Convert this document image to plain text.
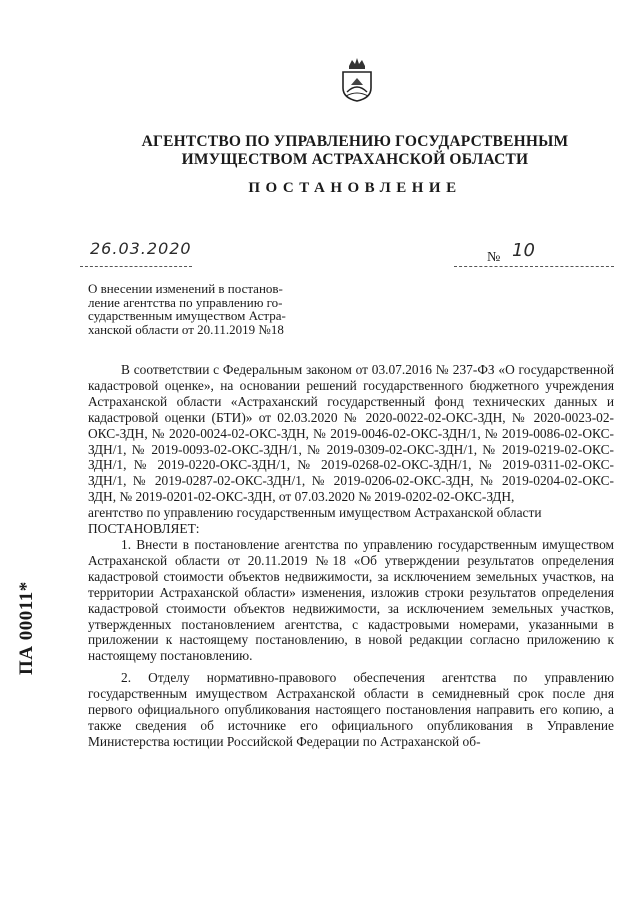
АГЕНТСТВО ПО УПРАВЛЕНИЮ ГОСУДАРСТВЕННЫМ
ИМУЩЕСТВОМ АСТРАХАНСКОЙ ОБЛАСТИ
ПОСТАНОВЛЕНИЕ
26.03.2020	№ 10
О внесении изменений в постанов-
ление агентства по управлению го-
сударственным имуществом Астра-
ханской области от 20.11.2019 №18

В соответствии с Федеральным законом от 03.07.2016 № 237-ФЗ «О государственной кадастровой оценке», на основании решений государственного бюджетного учреждения Астраханской области «Астраханский государственный фонд технических данных и кадастровой оценки (БТИ)» от 02.03.2020 № 2020-0022-02-ОКС-ЗДН, № 2020-0023-02-ОКС-ЗДН, № 2020-0024-02-ОКС-ЗДН, № 2019-0046-02-ОКС-ЗДН/1, № 2019-0086-02-ОКС-ЗДН/1, № 2019-0093-02-ОКС-ЗДН/1, № 2019-0309-02-ОКС-ЗДН/1, № 2019-0219-02-ОКС-ЗДН/1, № 2019-0220-ОКС-ЗДН/1, № 2019-0268-02-ОКС-ЗДН/1, № 2019-0311-02-ОКС-ЗДН/1, № 2019-0287-02-ОКС-ЗДН/1, № 2019-0206-02-ОКС-ЗДН, № 2019-0204-02-ОКС-ЗДН, № 2019-0201-02-ОКС-ЗДН, от 07.03.2020 № 2019-0202-02-ОКС-ЗДН,

агентство по управлению государственным имуществом Астраханской области

ПОСТАНОВЛЯЕТ:

1. Внести в постановление агентства по управлению государственным имуществом Астраханской области от 20.11.2019 №18 «Об утверждении результатов определения кадастровой стоимости объектов недвижимости, за исключением земельных участков, на территории Астраханской области» изменения, изложив строки результатов определения кадастровой стоимости объектов недвижимости, за исключением земельных участков, утвержденных постановлением агентства, с кадастровыми номерами, указанными в приложении к настоящему постановлению, в новой редакции согласно приложению к настоящему постановлению.

2. Отделу нормативно-правового обеспечения агентства по управлению государственным имуществом Астраханской области в семидневный срок после дня первого официального опубликования настоящего постановления направить его копию, а также сведения об источнике его официального опубликования в Управление Министерства юстиции Российской Федерации по Астраханской об-

ПА 00011*
